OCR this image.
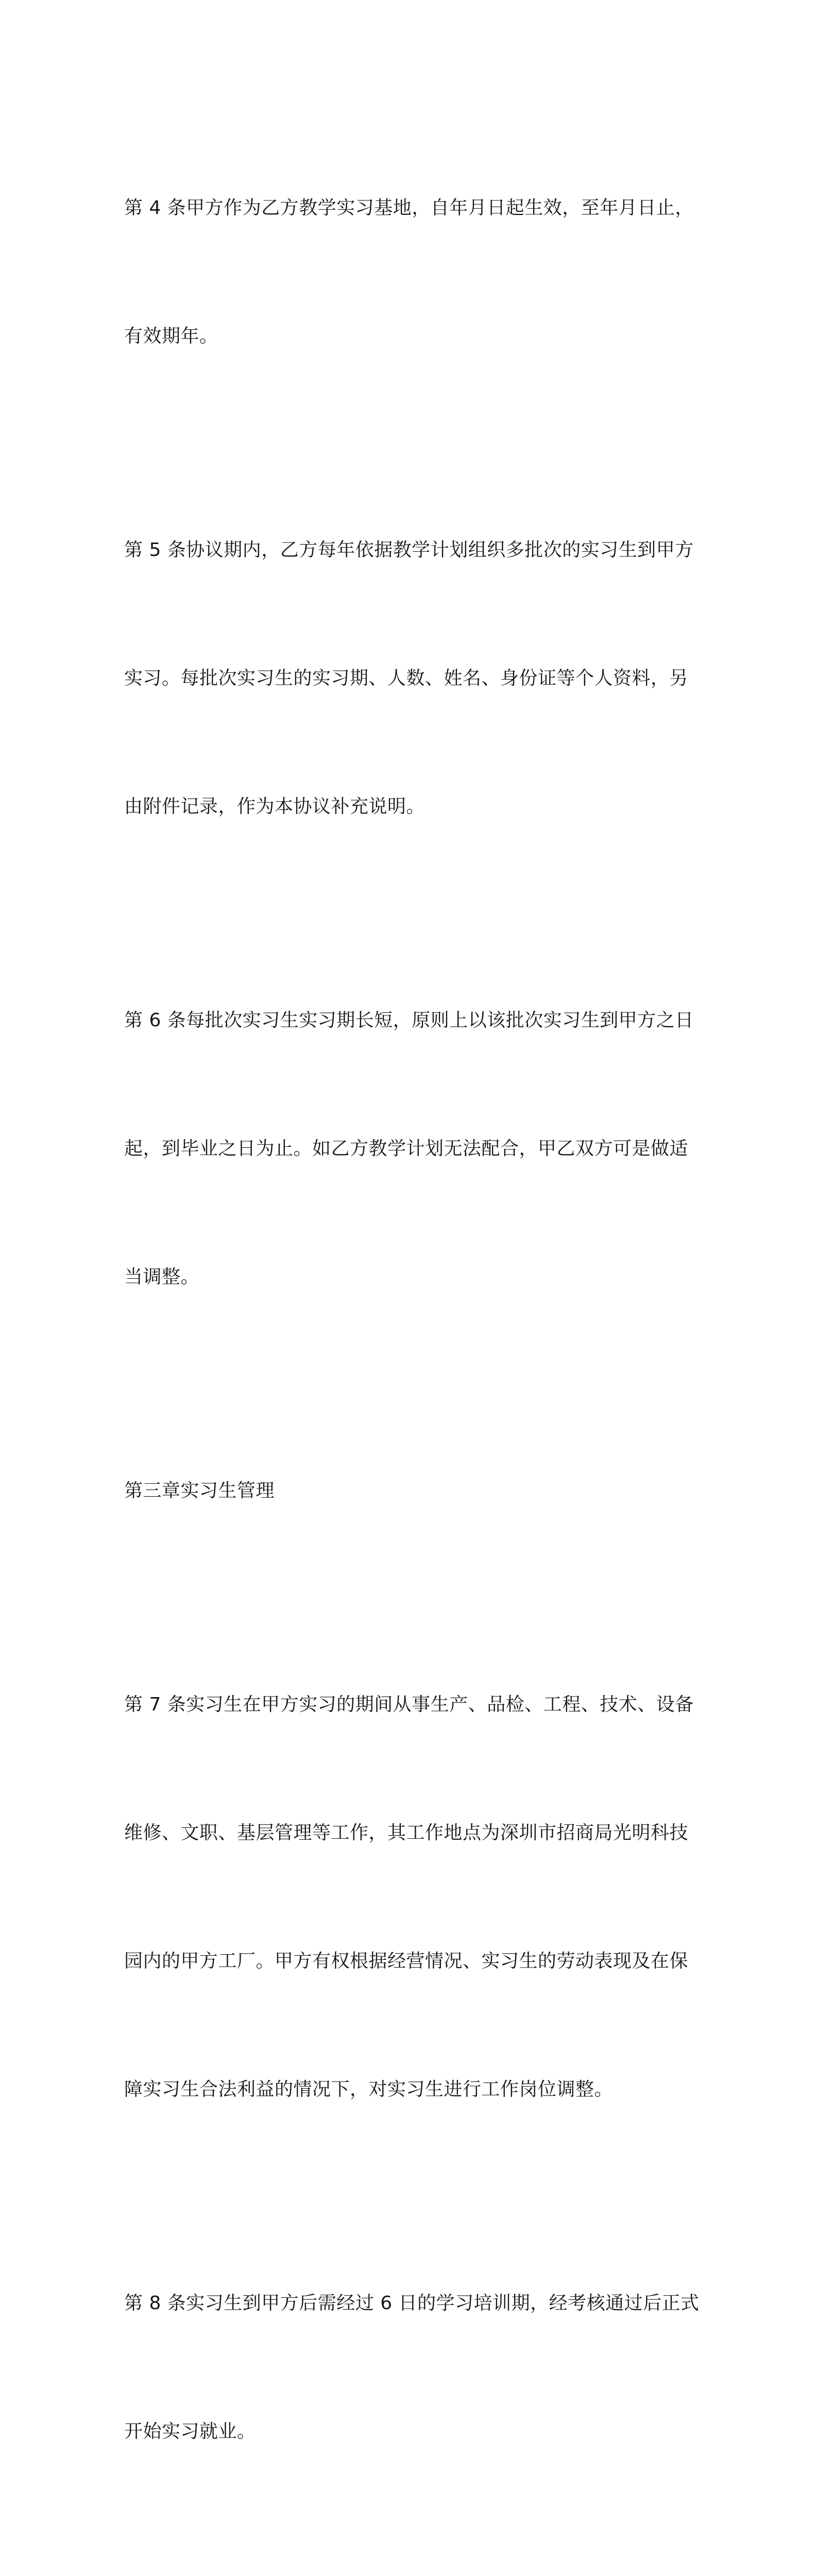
第 4 条甲方作为乙方教学实习基地，自年月日起生效，至年月日止，

有效期年。

第 5 条协议期内，乙方每年依据教学计划组织多批次的实习生到甲方

实习。每批次实习生的实习期、人数、姓名、身份证等个人资料，另

由附件记录，作为本协议补充说明。

第 6 条每批次实习生实习期长短，原则上以该批次实习生到甲方之日

起，到毕业之日为止。如乙方教学计划无法配合，甲乙双方可是做适

当调整。

第三章实习生管理

第 7 条实习生在甲方实习的期间从事生产、品检、工程、技术、设备

维修、文职、基层管理等工作，其工作地点为深圳市招商局光明科技

园内的甲方工厂。甲方有权根据经营情况、实习生的劳动表现及在保

障实习生合法利益的情况下，对实习生进行工作岗位调整。

第 8 条实习生到甲方后需经过 6 日的学习培训期，经考核通过后正式

开始实习就业。
